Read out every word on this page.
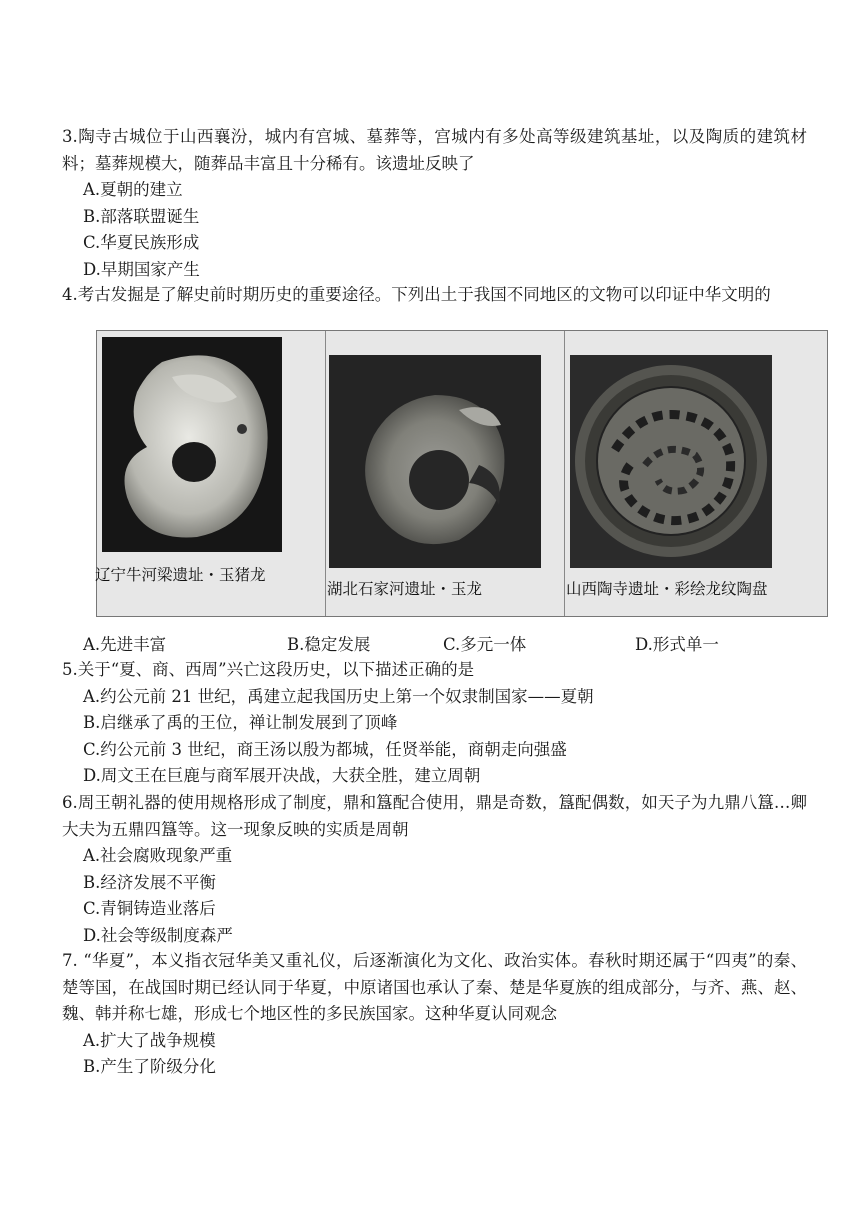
3.陶寺古城位于山西襄汾，城内有宫城、墓葬等，宫城内有多处高等级建筑基址，以及陶质的建筑材料；墓葬规模大，随葬品丰富且十分稀有。该遗址反映了

A.夏朝的建立

B.部落联盟诞生

C.华夏民族形成

D.早期国家产生

4.考古发掘是了解史前时期历史的重要途径。下列出土于我国不同地区的文物可以印证中华文明的

辽宁牛河梁遗址・玉猪龙
湖北石家河遗址・玉龙	山西陶寺遗址・彩绘龙纹陶盘
A.先进丰富	B.稳定发展	C.多元一体	D.形式单一

5.关于“夏、商、西周”兴亡这段历史，以下描述正确的是

A.约公元前 21 世纪，禹建立起我国历史上第一个奴隶制国家——夏朝

B.启继承了禹的王位，禅让制发展到了顶峰

C.约公元前 3 世纪，商王汤以殷为都城，任贤举能，商朝走向强盛

D.周文王在巨鹿与商军展开决战，大获全胜，建立周朝

6.周王朝礼器的使用规格形成了制度，鼎和簋配合使用，鼎是奇数，簋配偶数，如天子为九鼎八簋…卿大夫为五鼎四簋等。这一现象反映的实质是周朝

A.社会腐败现象严重

B.经济发展不平衡

C.青铜铸造业落后

D.社会等级制度森严

7. “华夏”，本义指衣冠华美又重礼仪，后逐渐演化为文化、政治实体。春秋时期还属于“四夷”的秦、楚等国，在战国时期已经认同于华夏，中原诸国也承认了秦、楚是华夏族的组成部分，与齐、燕、赵、魏、韩并称七雄，形成七个地区性的多民族国家。这种华夏认同观念

A.扩大了战争规模

B.产生了阶级分化
